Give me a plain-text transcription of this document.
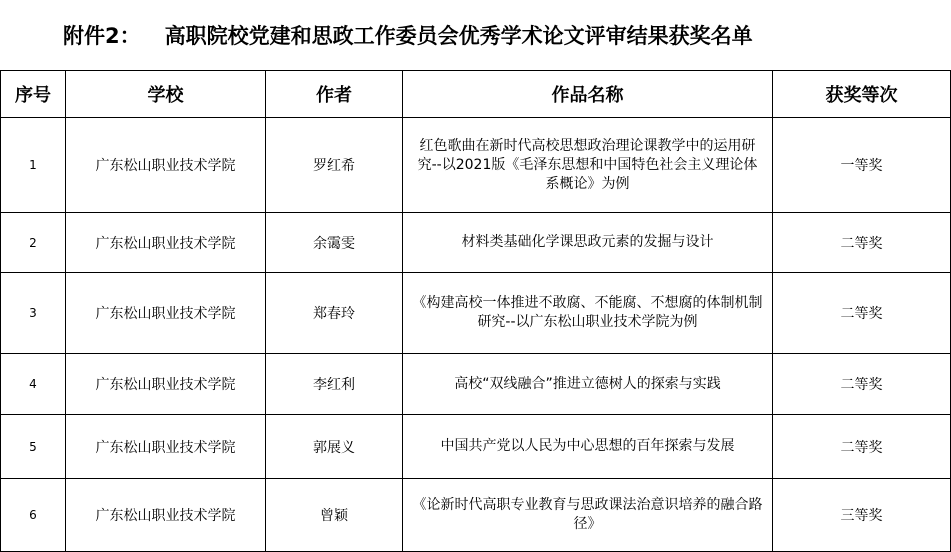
附件2： 高职院校党建和思政工作委员会优秀学术论文评审结果获奖名单
序号	学校	作者	作品名称	获奖等次
1	广东松山职业技术学院	罗红希	红色歌曲在新时代高校思想政治理论课教学中的运用研究--以2021版《毛泽东思想和中国特色社会主义理论体系概论》为例	一等奖
2	广东松山职业技术学院	余霭雯	材料类基础化学课思政元素的发掘与设计	二等奖
3	广东松山职业技术学院	郑春玲	《构建高校一体推进不敢腐、不能腐、不想腐的体制机制研究--以广东松山职业技术学院为例	二等奖
4	广东松山职业技术学院	李红利	高校“双线融合”推进立德树人的探索与实践	二等奖
5	广东松山职业技术学院	郭展义	中国共产党以人民为中心思想的百年探索与发展	二等奖
6	广东松山职业技术学院	曾颖	《论新时代高职专业教育与思政课法治意识培养的融合路径》	三等奖
